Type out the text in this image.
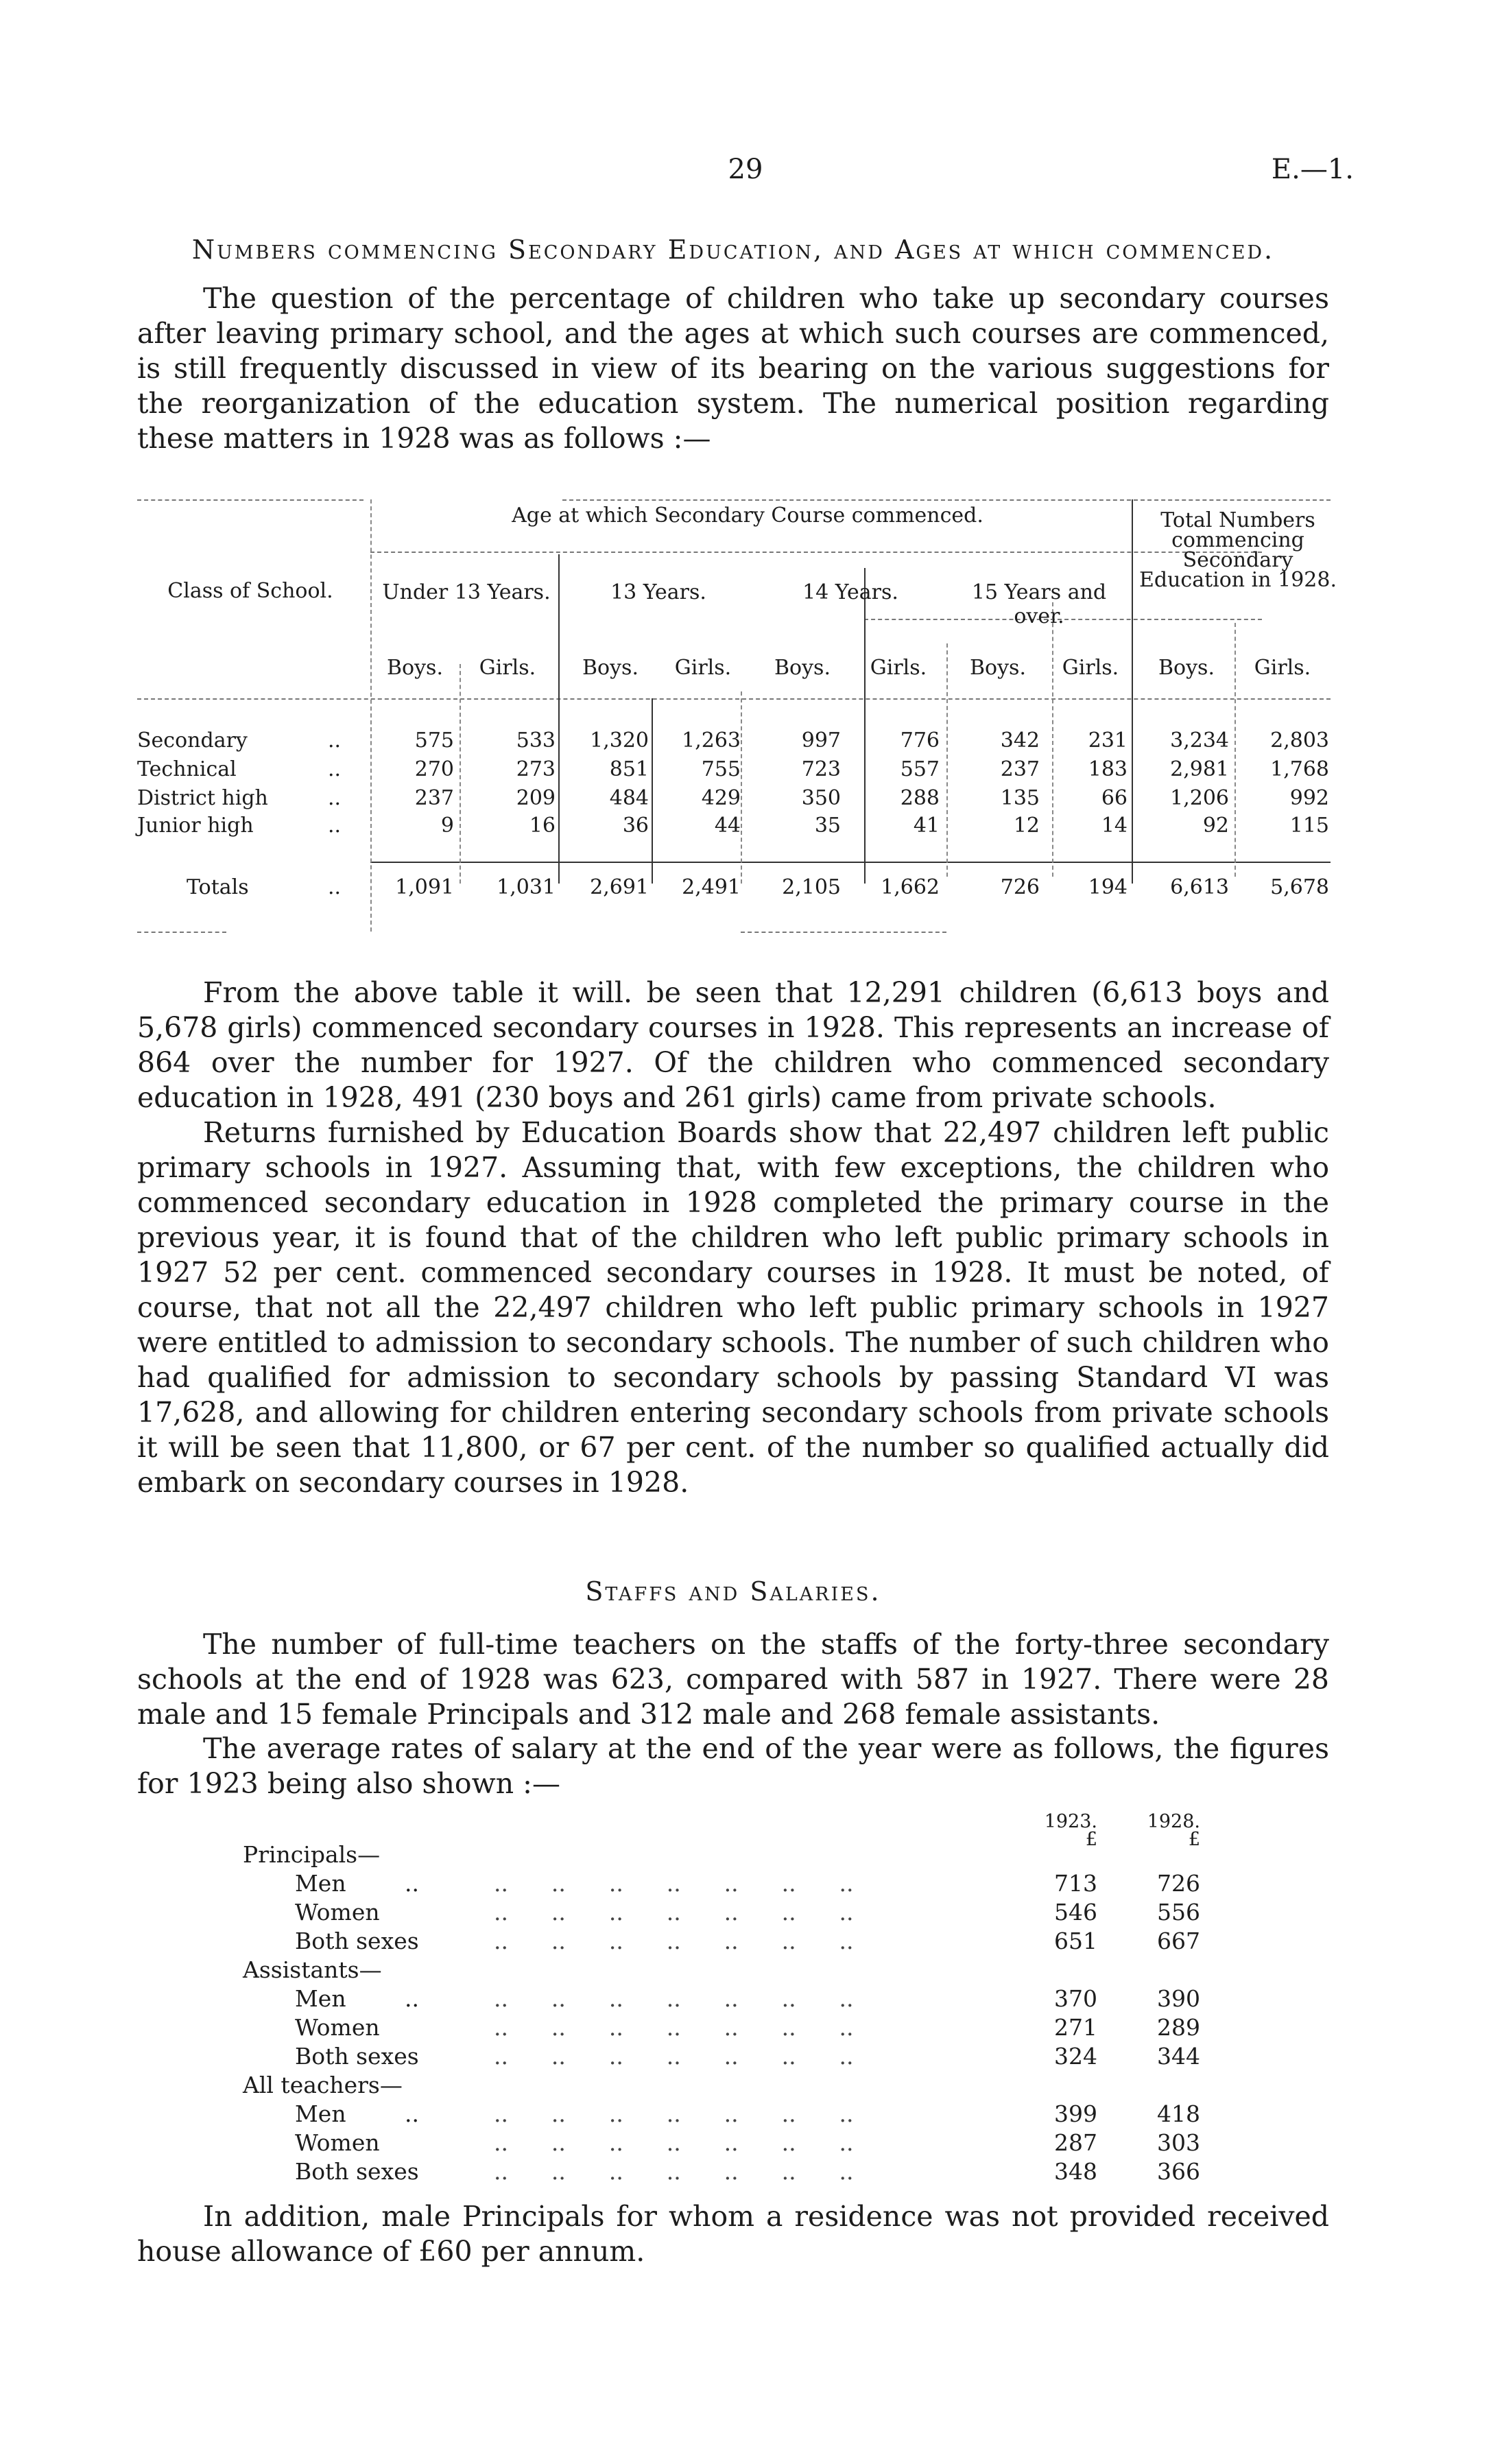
29	E.—1.
Numbers commencing Secondary Education, and Ages at which commenced.

The question of the percentage of children who take up secondary courses after leaving primary school, and the ages at which such courses are commenced, is still frequently discussed in view of its bearing on the various suggestions for the reorganization of the education system. The numerical position regarding these matters in 1928 was as follows :—

Class of School.
Age at which Secondary Course commenced.	Total Numbers commencing Secondary Education in 1928.
Under 13 Years.	13 Years.	14 Years.	15 Years and over.
Boys.	Girls.	Boys.	Girls.	Boys.	Girls.	Boys.	Girls.	Boys.	Girls.
Secondary	..	575	533	1,320	1,263	997	776	342	231	3,234	2,803
Technical	..	270	273	851	755	723	557	237	183	2,981	1,768
District high	..	237	209	484	429	350	288	135	66	1,206	992
Junior high	..	9	16	36	44	35	41	12	14	92	115
Totals	..	1,091	1,031	2,691	2,491	2,105	1,662	726	194	6,613	5,678

From the above table it will. be seen that 12,291 children (6,613 boys and 5,678 girls) commenced secondary courses in 1928. This represents an increase of 864 over the number for 1927. Of the children who commenced secondary education in 1928, 491 (230 boys and 261 girls) came from private schools.

Returns furnished by Education Boards show that 22,497 children left public primary schools in 1927. Assuming that, with few exceptions, the children who commenced secondary education in 1928 completed the primary course in the previous year, it is found that of the children who left public primary schools in 1927 52 per cent. commenced secondary courses in 1928. It must be noted, of course, that not all the 22,497 children who left public primary schools in 1927 were entitled to admission to secondary schools. The number of such children who had qualified for admission to secondary schools by passing Standard VI was 17,628, and allowing for children entering secondary schools from private schools it will be seen that 11,800, or 67 per cent. of the number so qualified actually did embark on secondary courses in 1928.

Staffs and Salaries.

The number of full-time teachers on the staffs of the forty-three secondary schools at the end of 1928 was 623, compared with 587 in 1927. There were 28 male and 15 female Principals and 312 male and 268 female assistants.

The average rates of salary at the end of the year were as follows, the figures for 1923 being also shown :—

1923.	1928.
£	£
Principals—
Men	..	..      ..      ..      ..      ..      ..      ..	713	726
Women	..      ..      ..      ..      ..      ..      ..	546	556
Both sexes	..      ..      ..      ..      ..      ..      ..	651	667
Assistants—
Men	..	..      ..      ..      ..      ..      ..      ..	370	390
Women	..      ..      ..      ..      ..      ..      ..	271	289
Both sexes	..      ..      ..      ..      ..      ..      ..	324	344
All teachers—
Men	..	..      ..      ..      ..      ..      ..      ..	399	418
Women	..      ..      ..      ..      ..      ..      ..	287	303
Both sexes	..      ..      ..      ..      ..      ..      ..	348	366

In addition, male Principals for whom a residence was not provided received house allowance of £60 per annum.
